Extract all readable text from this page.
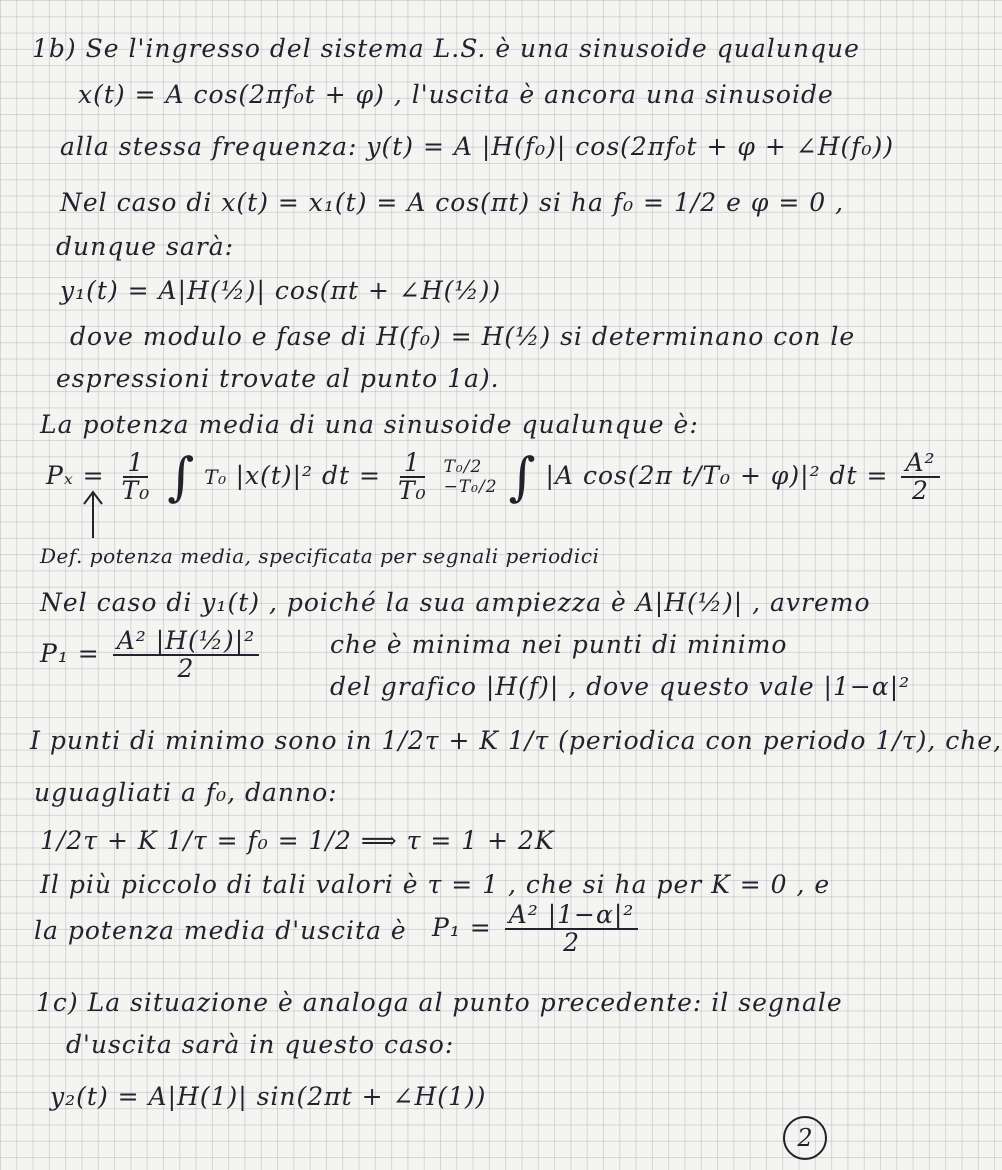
1b) Se l'ingresso del sistema L.S. è una sinusoide qualunque
x(t) = A cos(2πf₀t + φ) , l'uscita è ancora una sinusoide
alla stessa frequenza: y(t) = A |H(f₀)| cos(2πf₀t + φ + ∠H(f₀))
Nel caso di x(t) = x₁(t) = A cos(πt) si ha f₀ = 1/2 e φ = 0 ,
dunque sarà:
y₁(t) = A|H(½)| cos(πt + ∠H(½))
dove modulo e fase di H(f₀) = H(½) si determinano con le
espressioni trovate al punto 1a).
La potenza media di una sinusoide qualunque è:
$P_x = \frac{1}{\text{T₀}}$ ∫ T₀ |x(t)|² dt = $\frac{1}{\text{T₀}}$
T₀/2
−T₀/2 ∫ |A cos(2π t/T₀ + φ)|² dt = $\frac{\text{A²}}{2}$
Def. potenza media, specificata per segnali periodici
Nel caso di y₁(t) , poiché la sua ampiezza è A|H(½)| , avremo
$P_1 = \frac{\text{A² |H(½)|²}}{2}$	che è minima nei punti di minimo
del grafico |H(f)| , dove questo vale |1−α|²
I punti di minimo sono in 1/2τ + K 1/τ (periodica con periodo 1/τ), che,
uguagliati a f₀, danno:
1/2τ + K 1/τ = f₀ = 1/2 ⟹ τ = 1 + 2K
Il più piccolo di tali valori è τ = 1 , che si ha per K = 0 , e
la potenza media d'uscita è $P_1 = \frac{\text{A² |1−α|²}}{2}$
1c) La situazione è analoga al punto precedente: il segnale
d'uscita sarà in questo caso:
y₂(t) = A|H(1)| sin(2πt + ∠H(1))
2
